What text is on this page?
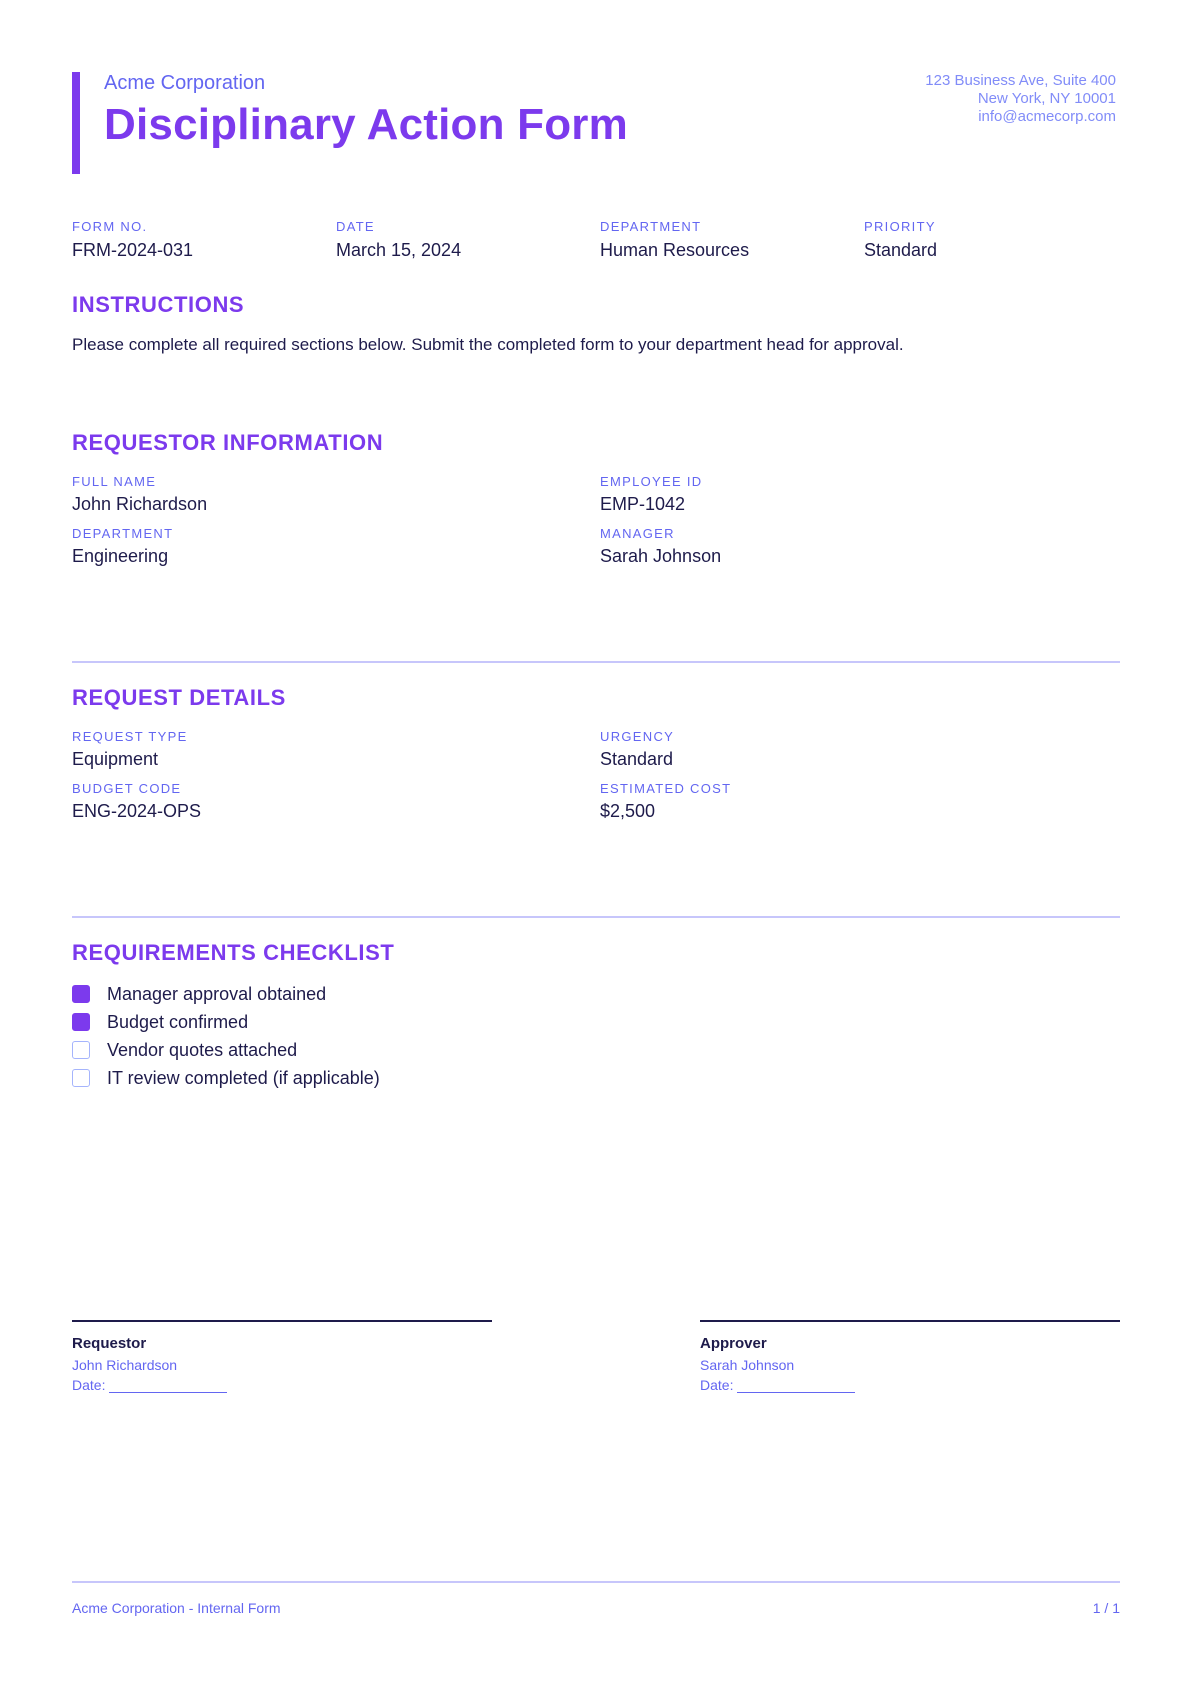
Acme Corporation
Disciplinary Action Form
123 Business Ave, Suite 400
New York, NY 10001
info@acmecorp.com
FORM NO.
FRM-2024-031
DATE
March 15, 2024
DEPARTMENT
Human Resources
PRIORITY
Standard
INSTRUCTIONS
Please complete all required sections below. Submit the completed form to your department head for approval.
REQUESTOR INFORMATION
FULL NAME
John Richardson
EMPLOYEE ID
EMP-1042
DEPARTMENT
Engineering
MANAGER
Sarah Johnson
REQUEST DETAILS
REQUEST TYPE
Equipment
URGENCY
Standard
BUDGET CODE
ENG-2024-OPS
ESTIMATED COST
$2,500
REQUIREMENTS CHECKLIST
Manager approval obtained
Budget confirmed
Vendor quotes attached
IT review completed (if applicable)
Requestor
John Richardson
Date:
Approver
Sarah Johnson
Date:
Acme Corporation - Internal Form	1 / 1
